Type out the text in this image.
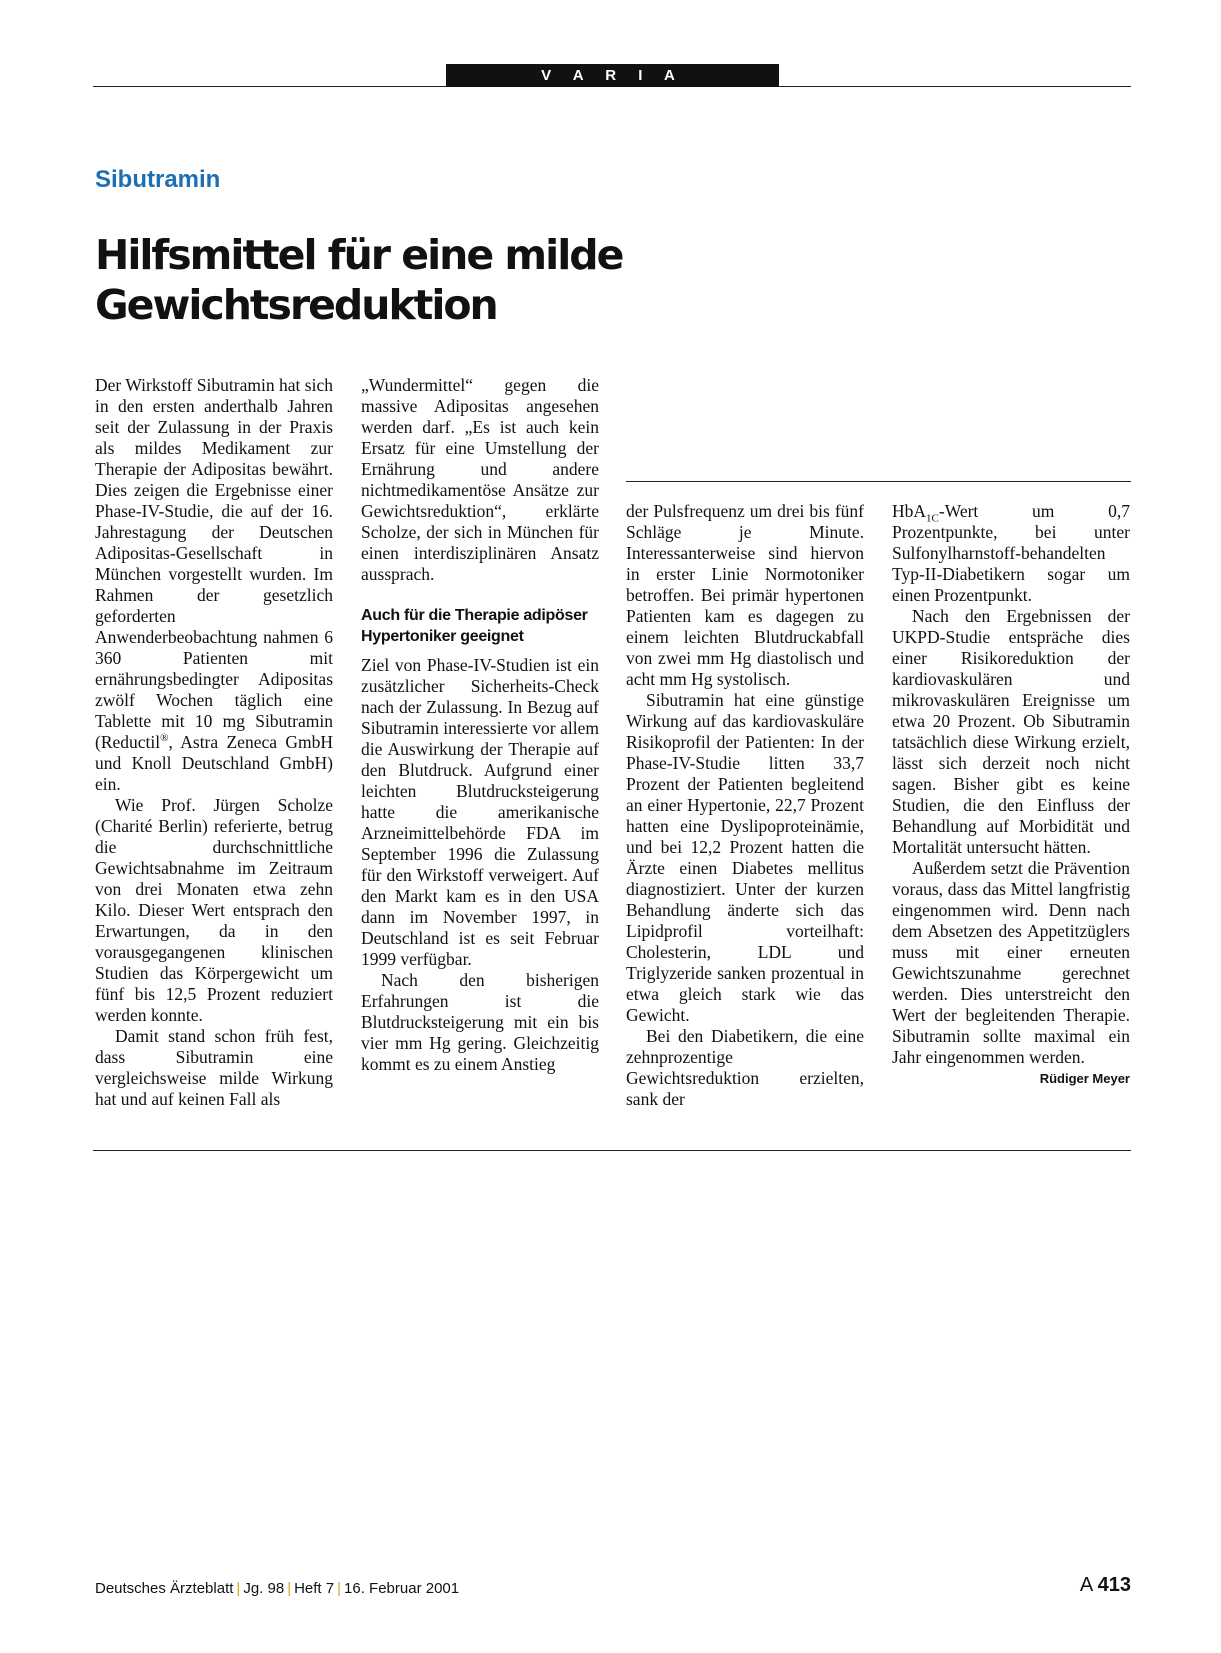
V A R I A
Sibutramin
Hilfsmittel für eine milde
Gewichtsreduktion

Der Wirkstoff Sibutramin hat sich in den ersten anderthalb Jahren seit der Zulassung in der Praxis als mildes Medikament zur Therapie der Adipositas bewährt. Dies zeigen die Ergebnisse einer Phase-IV-Studie, die auf der 16. Jahrestagung der Deutschen Adipositas-Gesellschaft in München vorgestellt wurden. Im Rahmen der gesetzlich geforderten Anwenderbeobachtung nahmen 6 360 Patienten mit ernährungsbedingter Adipositas zwölf Wochen täglich eine Tablette mit 10 mg Sibutramin (Reductil®, Astra Zeneca GmbH und Knoll Deutschland GmbH) ein.

Wie Prof. Jürgen Scholze (Charité Berlin) referierte, betrug die durchschnittliche Gewichtsabnahme im Zeitraum von drei Monaten etwa zehn Kilo. Dieser Wert entsprach den Erwartungen, da in den vorausgegangenen klinischen Studien das Körpergewicht um fünf bis 12,5 Prozent reduziert werden konnte.

Damit stand schon früh fest, dass Sibutramin eine vergleichsweise milde Wirkung hat und auf keinen Fall als

„Wundermittel“ gegen die massive Adipositas angesehen werden darf. „Es ist auch kein Ersatz für eine Umstellung der Ernährung und andere nichtmedikamentöse Ansätze zur Gewichtsreduktion“, erklärte Scholze, der sich in München für einen interdisziplinären Ansatz aussprach.

Auch für die Therapie adipöser Hypertoniker geeignet

Ziel von Phase-IV-Studien ist ein zusätzlicher Sicherheits-Check nach der Zulassung. In Bezug auf Sibutramin interessierte vor allem die Auswirkung der Therapie auf den Blutdruck. Aufgrund einer leichten Blutdrucksteigerung hatte die amerikanische Arzneimittelbehörde FDA im September 1996 die Zulassung für den Wirkstoff verweigert. Auf den Markt kam es in den USA dann im November 1997, in Deutschland ist es seit Februar 1999 verfügbar.

Nach den bisherigen Erfahrungen ist die Blutdrucksteigerung mit ein bis vier mm Hg gering. Gleichzeitig kommt es zu einem Anstieg

der Pulsfrequenz um drei bis fünf Schläge je Minute. Interessanterweise sind hiervon in erster Linie Normotoniker betroffen. Bei primär hypertonen Patienten kam es dagegen zu einem leichten Blutdruckabfall von zwei mm Hg diastolisch und acht mm Hg systolisch.

Sibutramin hat eine günstige Wirkung auf das kardiovaskuläre Risikoprofil der Patienten: In der Phase-IV-Studie litten 33,7 Prozent der Patienten begleitend an einer Hypertonie, 22,7 Prozent hatten eine Dyslipoproteinämie, und bei 12,2 Prozent hatten die Ärzte einen Diabetes mellitus diagnostiziert. Unter der kurzen Behandlung änderte sich das Lipidprofil vorteilhaft: Cholesterin, LDL und Triglyzeride sanken prozentual in etwa gleich stark wie das Gewicht.

Bei den Diabetikern, die eine zehnprozentige Gewichtsreduktion erzielten, sank der

HbA$_{1C}$-Wert um 0,7 Prozentpunkte, bei unter Sulfonylharnstoff-behandelten Typ-II-Diabetikern sogar um einen Prozentpunkt.

Nach den Ergebnissen der UKPD-Studie entspräche dies einer Risikoreduktion der kardiovaskulären und mikrovaskulären Ereignisse um etwa 20 Prozent. Ob Sibutramin tatsächlich diese Wirkung erzielt, lässt sich derzeit noch nicht sagen. Bisher gibt es keine Studien, die den Einfluss der Behandlung auf Morbidität und Mortalität untersucht hätten.

Außerdem setzt die Prävention voraus, dass das Mittel langfristig eingenommen wird. Denn nach dem Absetzen des Appetitzüglers muss mit einer erneuten Gewichtszunahme gerechnet werden. Dies unterstreicht den Wert der begleitenden Therapie. Sibutramin sollte maximal ein Jahr eingenommen werden.
Rüdiger Meyer

Deutsches Ärzteblatt | Jg. 98 | Heft 7 | 16. Februar 2001	A 413
